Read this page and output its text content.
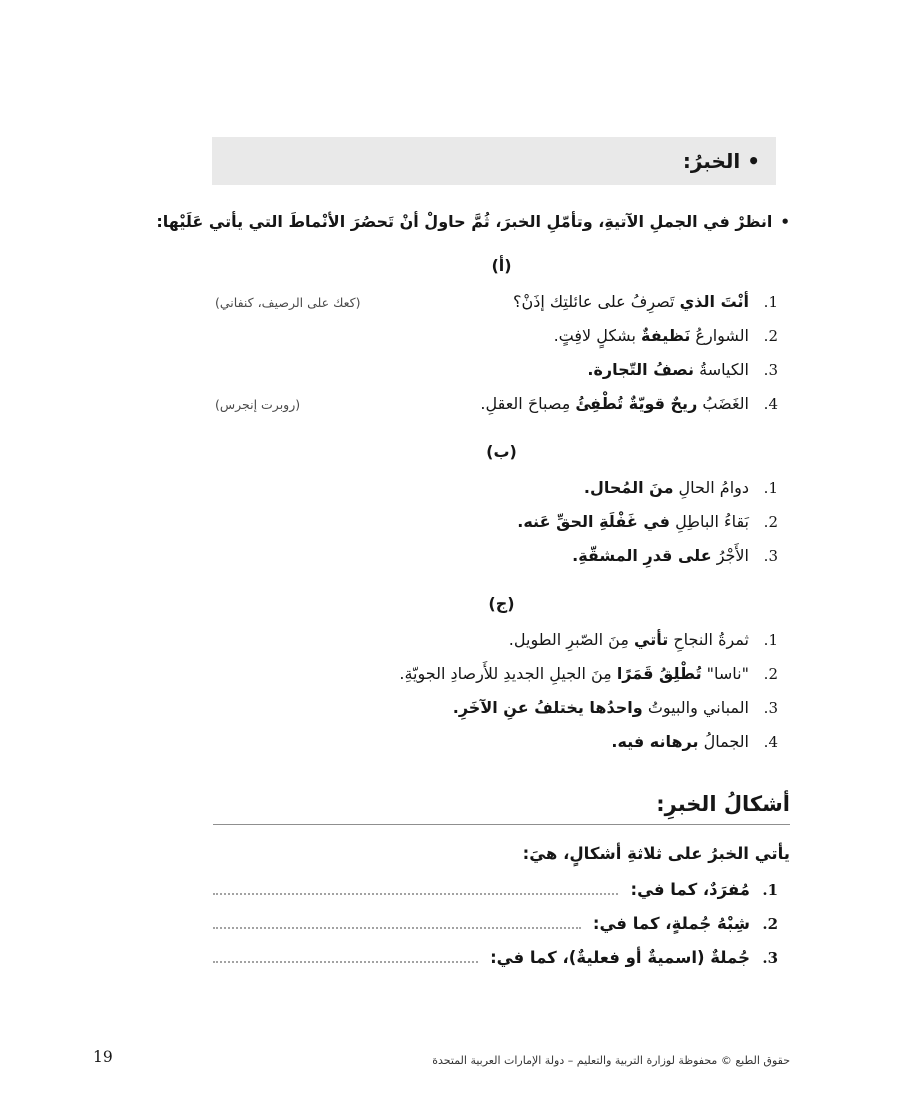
• الخبرُ:
•
انظرْ في الجملِ الآتيةِ، وتأمّلِ الخبرَ، ثُمَّ حاولْ أنْ تَحصُرَ الأنْماطَ التي يأتي عَلَيْها:
(أ)
1.
أنْتَ الذي تَصرِفُ على عائلتِك إذَنْ؟
(كعك على الرصيف، كنفاني)
2.
الشوارعُ نَظيفةٌ بشكلٍ لافِتٍ.
3.
الكياسةُ نصفُ التّجارة.
4.
الغَضَبُ ريحٌ قويّةٌ تُطْفِئُ مِصباحَ العقلِ.
(روبرت إنجرس)
(ب)
1.
دوامُ الحالِ منَ المُحال.
2.
بَقاءُ الباطِلِ في غَفْلَةِ الحقِّ عَنه.
3.
الأَجْرُ على قدرِ المشقّةِ.
(ج)
1.
ثمرةُ النجاحِ تأتي مِنَ الصّبرِ الطويل.
2.
"ناسا" تُطْلِقُ قَمَرًا مِنَ الجيلِ الجديدِ للأَرصادِ الجويّةِ.
3.
المباني والبيوتُ واحدُها يختلفُ عنِ الآخَرِ.
4.
الجمالُ برهانه فيه.
أشكالُ الخبرِ:
يأتي الخبرُ على ثلاثةِ أشكالٍ، هيَ:
1.
مُفرَدٌ، كما في:
2.
شِبْهُ جُملةٍ، كما في:
3.
جُملةٌ (اسميةٌ أو فعليةٌ)، كما في:
19	حقوق الطبع © محفوظة لوزارة التربية والتعليم – دولة الإمارات العربية المتحدة
